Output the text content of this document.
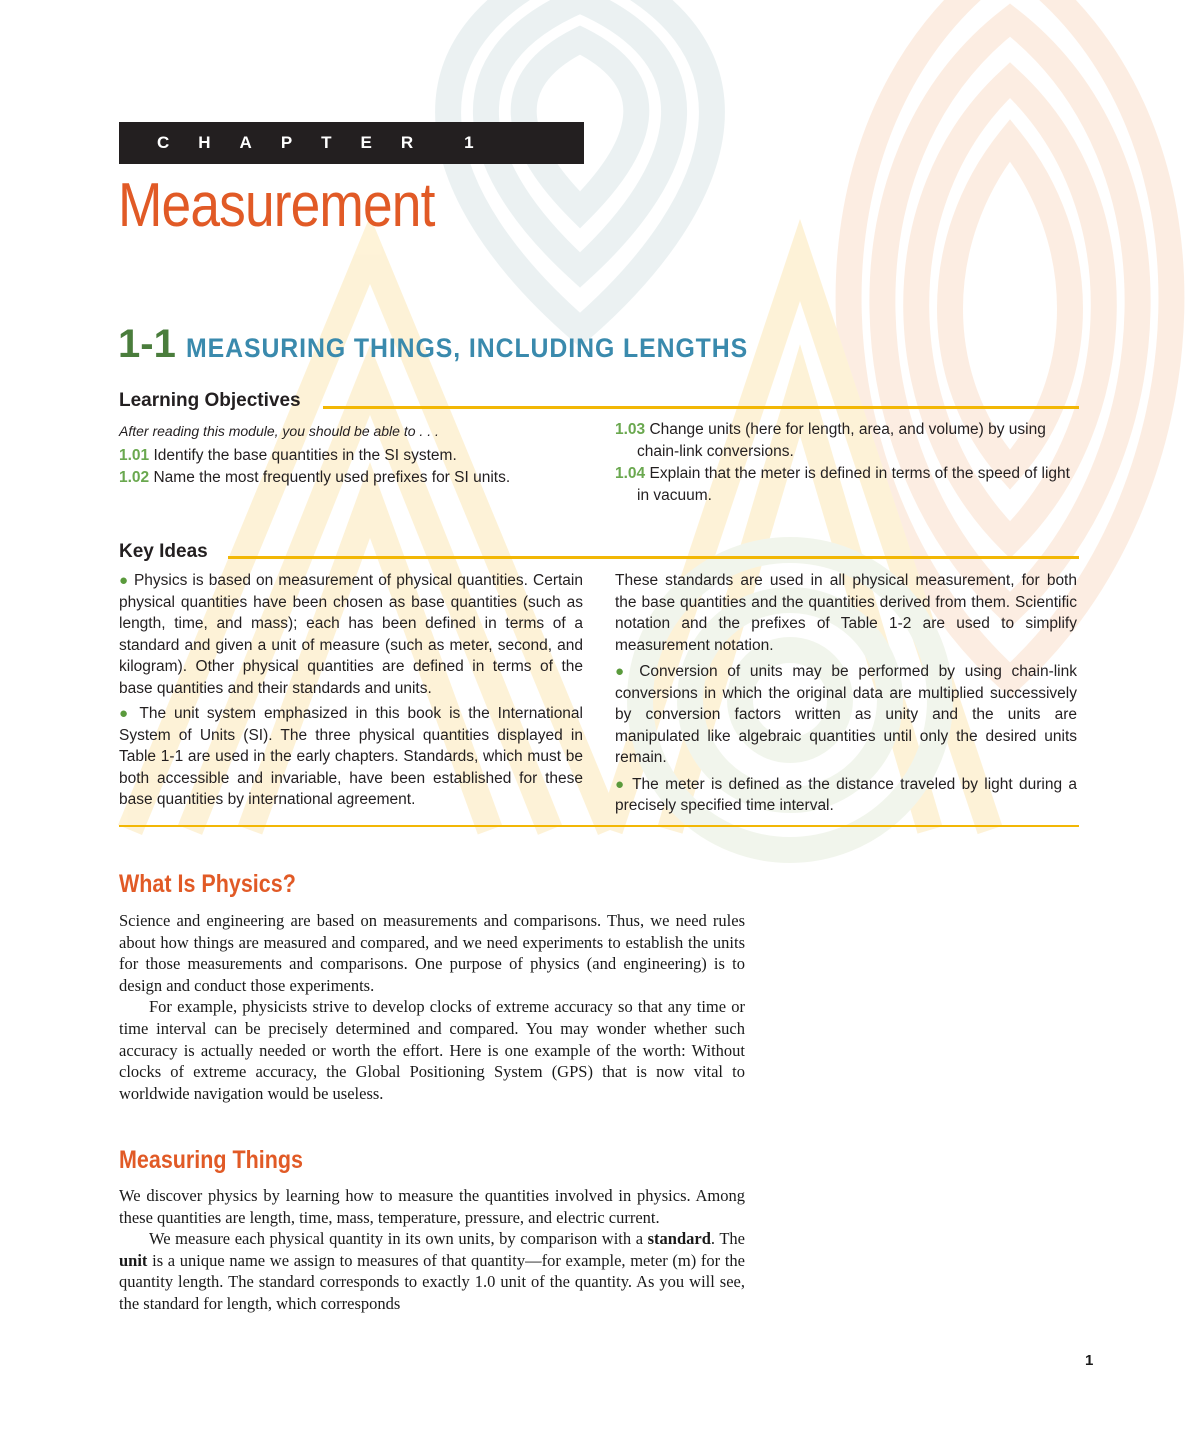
CHAPTER 1
Measurement
1-1 MEASURING THINGS, INCLUDING LENGTHS
Learning Objectives
After reading this module, you should be able to . . .
1.01 Identify the base quantities in the SI system.
1.02 Name the most frequently used prefixes for SI units.
1.03 Change units (here for length, area, and volume) by using chain-link conversions.
1.04 Explain that the meter is defined in terms of the speed of light in vacuum.
Key Ideas
● Physics is based on measurement of physical quantities. Certain physical quantities have been chosen as base quantities (such as length, time, and mass); each has been defined in terms of a standard and given a unit of measure (such as meter, second, and kilogram). Other physical quantities are defined in terms of the base quantities and their standards and units.
● The unit system emphasized in this book is the International System of Units (SI). The three physical quantities displayed in Table 1-1 are used in the early chapters. Standards, which must be both accessible and invariable, have been established for these base quantities by international agreement.
These standards are used in all physical measurement, for both the base quantities and the quantities derived from them. Scientific notation and the prefixes of Table 1-2 are used to simplify measurement notation.
● Conversion of units may be performed by using chain-link conversions in which the original data are multiplied successively by conversion factors written as unity and the units are manipulated like algebraic quantities until only the desired units remain.
● The meter is defined as the distance traveled by light during a precisely specified time interval.
What Is Physics?

Science and engineering are based on measurements and comparisons. Thus, we need rules about how things are measured and compared, and we need experiments to establish the units for those measurements and comparisons. One purpose of physics (and engineering) is to design and conduct those experiments.

For example, physicists strive to develop clocks of extreme accuracy so that any time or time interval can be precisely determined and compared. You may wonder whether such accuracy is actually needed or worth the effort. Here is one example of the worth: Without clocks of extreme accuracy, the Global Positioning System (GPS) that is now vital to worldwide navigation would be useless.

Measuring Things

We discover physics by learning how to measure the quantities involved in physics. Among these quantities are length, time, mass, temperature, pressure, and electric current.

We measure each physical quantity in its own units, by comparison with a standard. The unit is a unique name we assign to measures of that quantity—for example, meter (m) for the quantity length. The standard corresponds to exactly 1.0 unit of the quantity. As you will see, the standard for length, which corresponds

1
